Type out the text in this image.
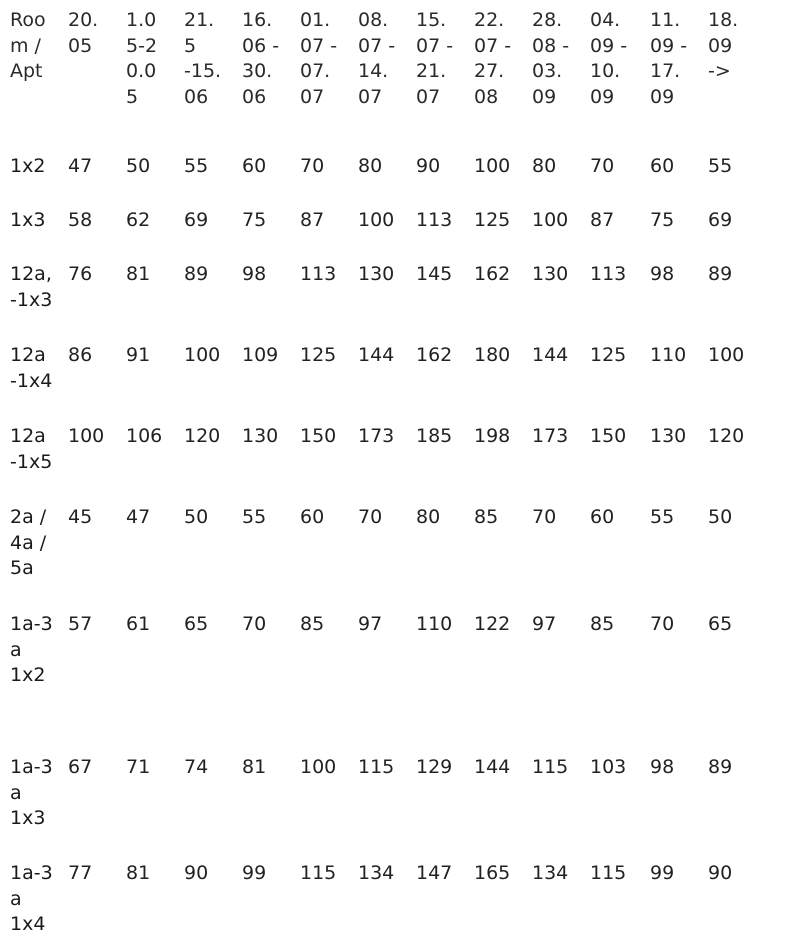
Roo
m /
Apt
20.
05
1.0
5-2
0.0
5
21.
5
-15.
06
16.
06 -
30.
06
01.
07 -
07.
07
08.
07 -
14.
07
15.
07 -
21.
07
22.
07 -
27.
08
28.
08 -
03.
09
04.
09 -
10.
09
11.
09 -
17.
09
18.
09
->
1x2 47 50 55 60 70 80 90 100 80 70 60 55
1x3 58 62 69 75 87 100 113 125 100 87 75 69
12a,
-1x3
76 81 89 98 113 130 145 162 130 113 98 89
12a
-1x4
86 91 100 109 125 144 162 180 144 125 110 100
12a
-1x5
100 106 120 130 150 173 185 198 173 150 130 120
2a /
4a /
5a
45 47 50 55 60 70 80 85 70 60 55 50
1a-3
a
1x2
57 61 65 70 85 97 110 122 97 85 70 65
1a-3
a
1x3
67 71 74 81 100 115 129 144 115 103 98 89
1a-3
a
1x4
77 81 90 99 115 134 147 165 134 115 99 90
